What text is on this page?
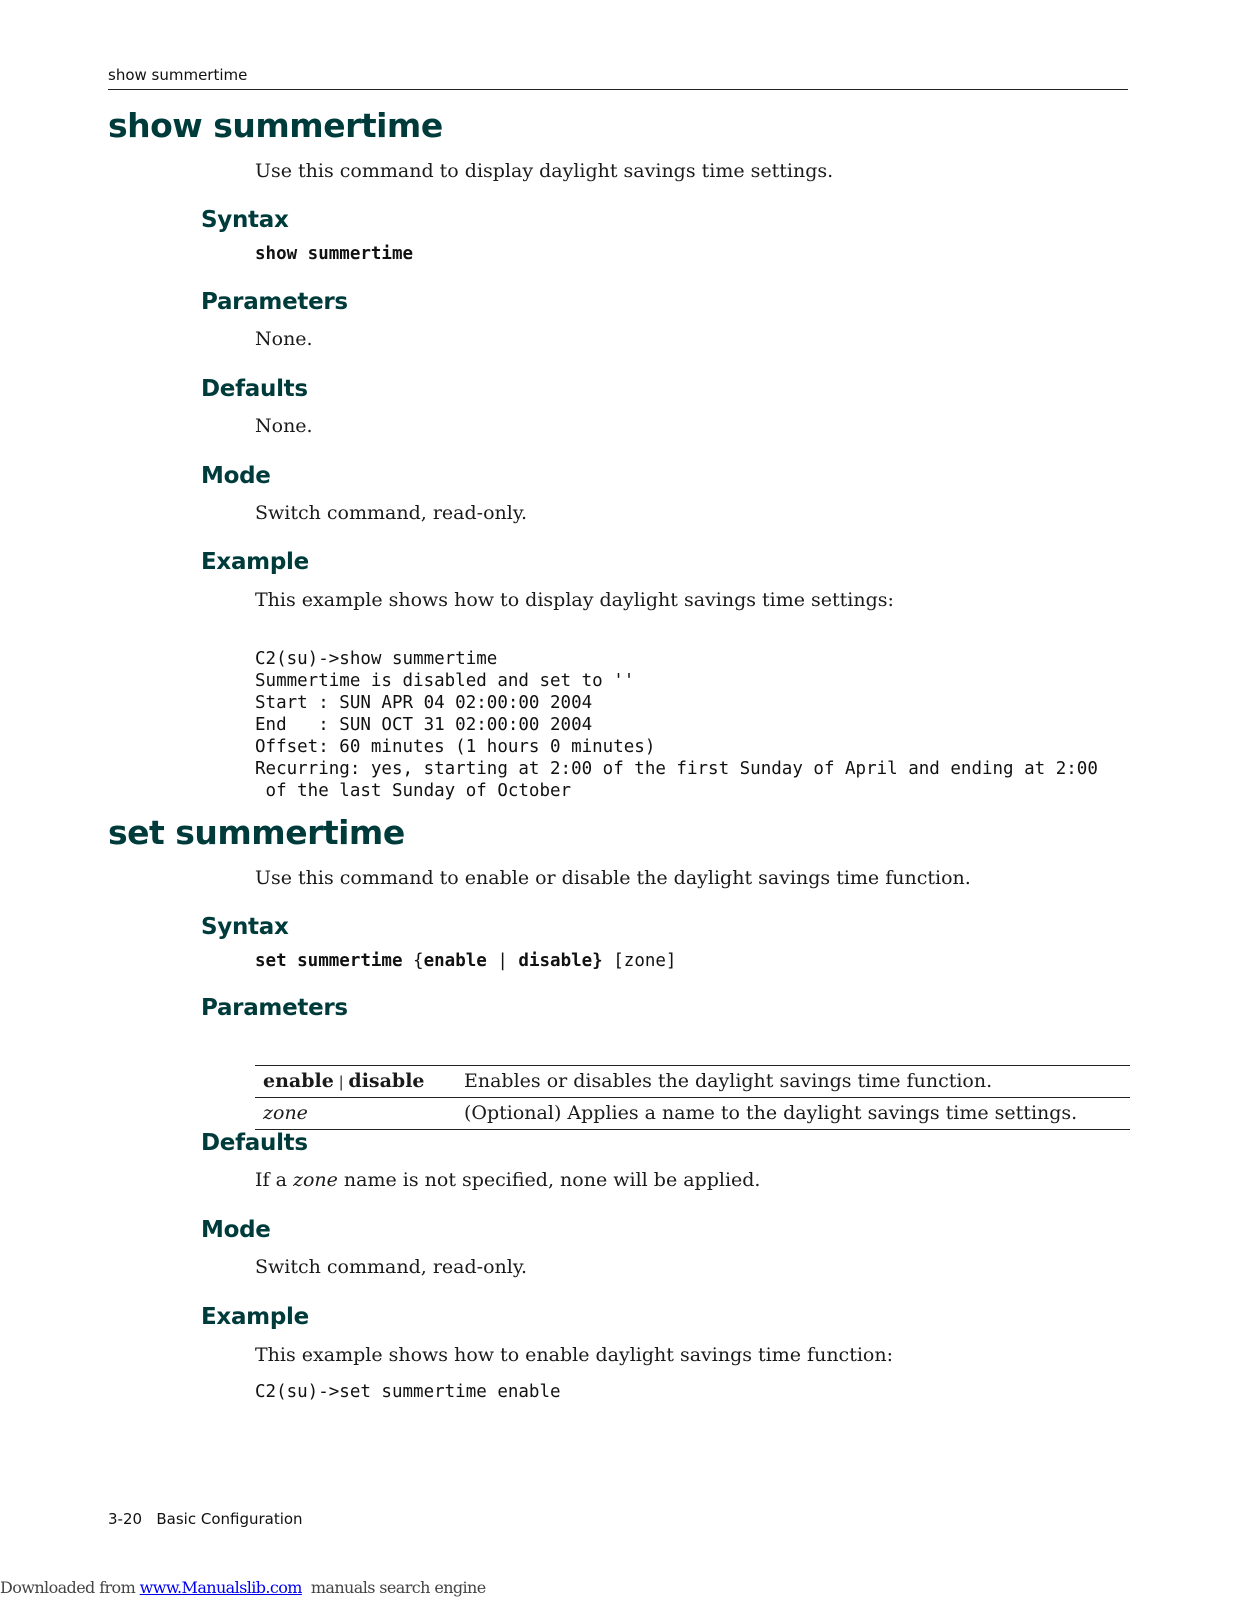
show summertime
show summertime
Use this command to display daylight savings time settings.
Syntax
show summertime
Parameters
None.
Defaults
None.
Mode
Switch command, read-only.
Example
This example shows how to display daylight savings time settings:

C2(su)->show summertime
Summertime is disabled and set to ''
Start : SUN APR 04 02:00:00 2004
End   : SUN OCT 31 02:00:00 2004
Offset: 60 minutes (1 hours 0 minutes)
Recurring: yes, starting at 2:00 of the first Sunday of April and ending at 2:00
of the last Sunday of October
set summertime
Use this command to enable or disable the daylight savings time function.
Syntax
set summertime {enable | disable} [zone]
Parameters
enable | disable	Enables or disables the daylight savings time function.
zone	(Optional) Applies a name to the daylight savings time settings.
Defaults
If a zone name is not specified, none will be applied.
Mode
Switch command, read-only.
Example
This example shows how to enable daylight savings time function:
C2(su)->set summertime enable
3-20 Basic Configuration
Downloaded from www.Manualslib.com  manuals search engine
